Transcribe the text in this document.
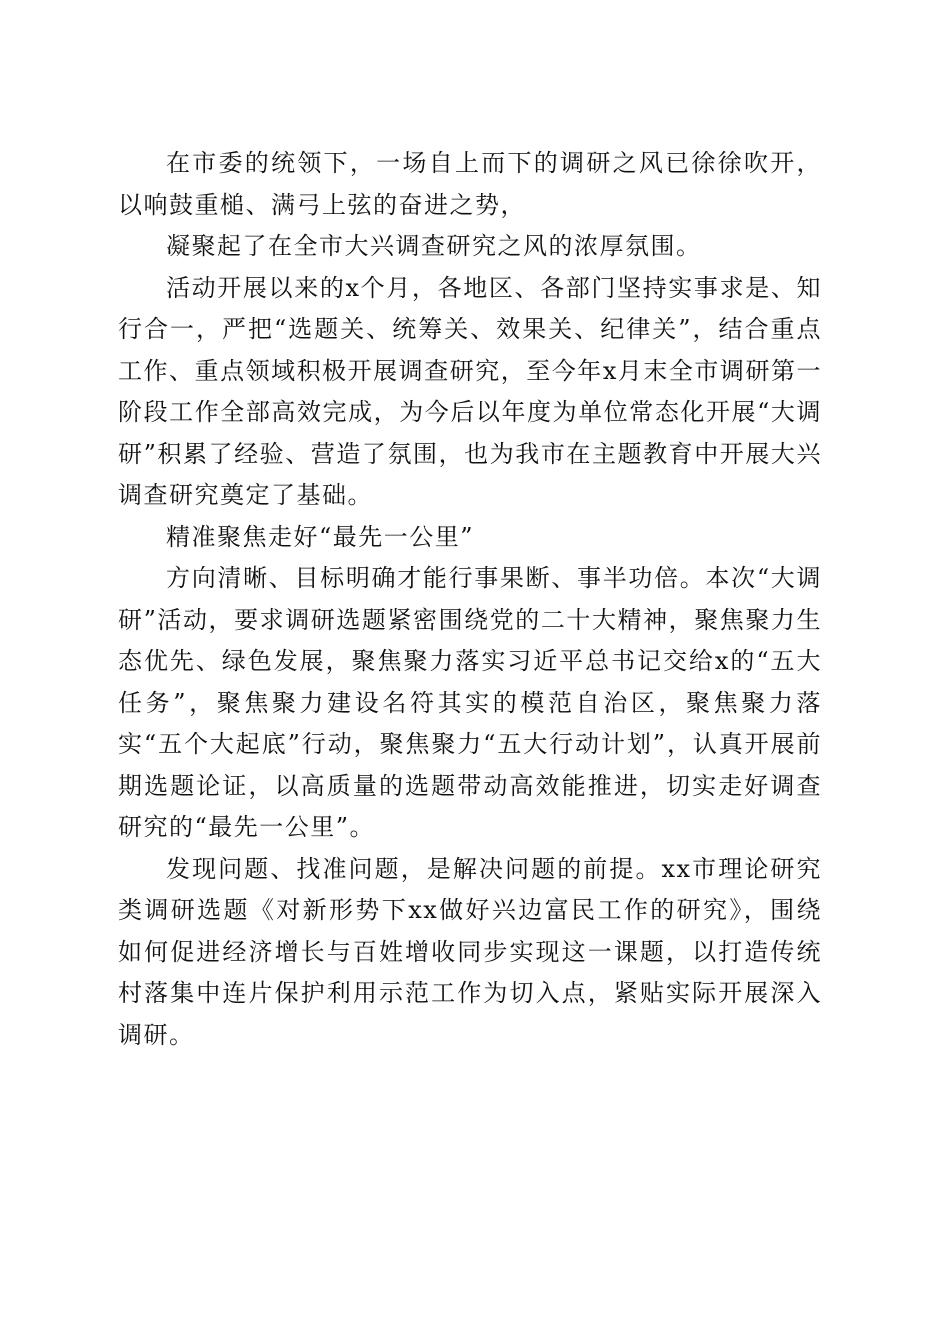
在市委的统领下，一场自上而下的调研之风已徐徐吹开，以响鼓重槌、满弓上弦的奋进之势，

凝聚起了在全市大兴调查研究之风的浓厚氛围。

活动开展以来的x个月，各地区、各部门坚持实事求是、知行合一，严把“选题关、统筹关、效果关、纪律关”，结合重点工作、重点领域积极开展调查研究，至今年x月末全市调研第一阶段工作全部高效完成，为今后以年度为单位常态化开展“大调研”积累了经验、营造了氛围，也为我市在主题教育中开展大兴调查研究奠定了基础。

精准聚焦走好“最先一公里”

方向清晰、目标明确才能行事果断、事半功倍。本次“大调研”活动，要求调研选题紧密围绕党的二十大精神，聚焦聚力生态优先、绿色发展，聚焦聚力落实习近平总书记交给x的“五大任务”，聚焦聚力建设名符其实的模范自治区，聚焦聚力落实“五个大起底”行动，聚焦聚力“五大行动计划”，认真开展前期选题论证，以高质量的选题带动高效能推进，切实走好调查研究的“最先一公里”。

发现问题、找准问题，是解决问题的前提。xx市理论研究类调研选题《对新形势下xx做好兴边富民工作的研究》，围绕如何促进经济增长与百姓增收同步实现这一课题，以打造传统村落集中连片保护利用示范工作为切入点，紧贴实际开展深入调研。
